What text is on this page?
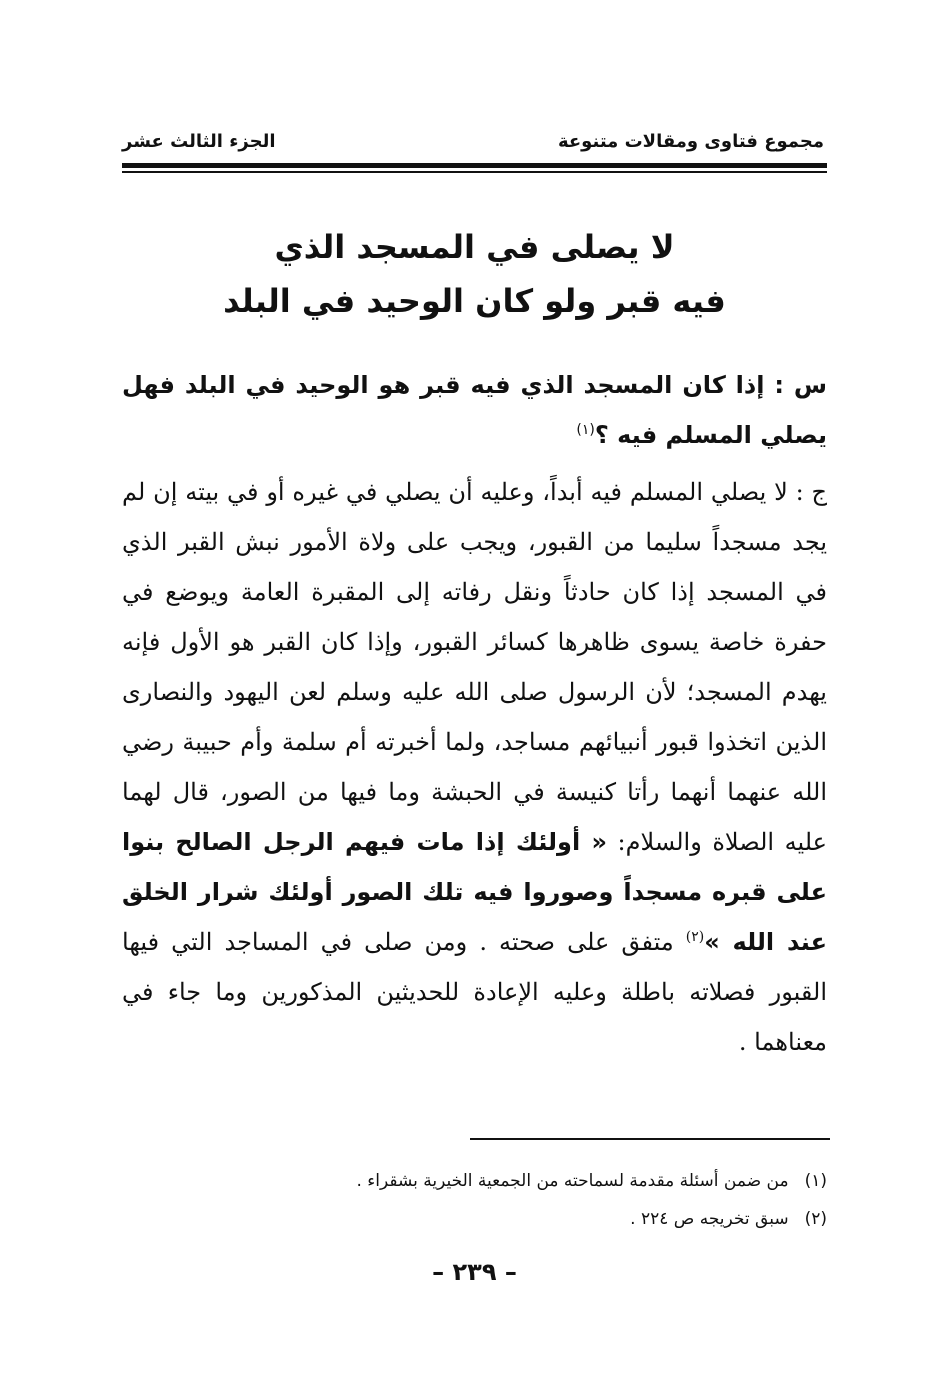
مجموع فتاوى ومقالات متنوعة
الجزء الثالث عشر
لا يصلى في المسجد الذي
فيه قبر ولو كان الوحيد في البلد
س : إذا كان المسجد الذي فيه قبر هو الوحيد في البلد فهل يصلي المسلم فيه ؟$^{(١)}$
ج : لا يصلي المسلم فيه أبداً، وعليه أن يصلي في غيره أو في بيته إن لم يجد مسجداً سليما من القبور، ويجب على ولاة الأمور نبش القبر الذي في المسجد إذا كان حادثاً ونقل رفاته إلى المقبرة العامة ويوضع في حفرة خاصة يسوى ظاهرها كسائر القبور، وإذا كان القبر هو الأول فإنه يهدم المسجد؛ لأن الرسول صلى الله عليه وسلم لعن اليهود والنصارى الذين اتخذوا قبور أنبيائهم مساجد، ولما أخبرته أم سلمة وأم حبيبة رضي الله عنهما أنهما رأتا كنيسة في الحبشة وما فيها من الصور، قال لهما عليه الصلاة والسلام: « أولئك إذا مات فيهم الرجل الصالح بنوا على قبره مسجداً وصوروا فيه تلك الصور أولئك شرار الخلق عند الله »$^{(٢)}$ متفق على صحته . ومن صلى في المساجد التي فيها القبور فصلاته باطلة وعليه الإعادة للحديثين المذكورين وما جاء في معناهما .
(١)من ضمن أسئلة مقدمة لسماحته من الجمعية الخيرية بشقراء .
(٢)سبق تخريجه ص ٢٢٤ .
– ٢٣٩ –
